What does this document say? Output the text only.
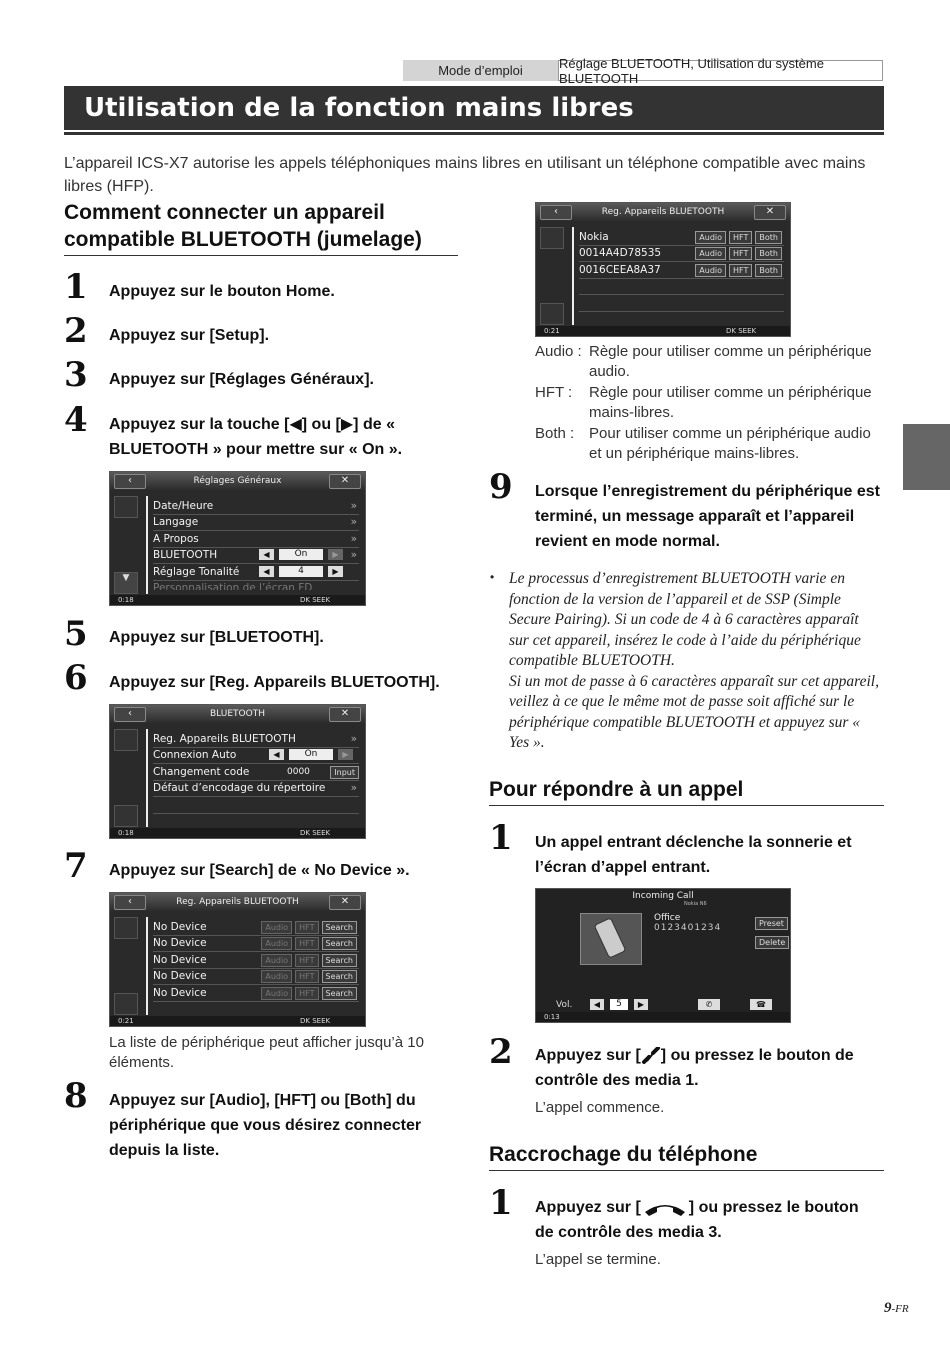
Mode d’emploi	Réglage BLUETOOTH, Utilisation du système BLUETOOTH
Utilisation de la fonction mains libres
L’appareil ICS-X7 autorise les appels téléphoniques mains libres en utilisant un téléphone compatible avec mains libres (HFP).
Comment connecter un appareil compatible BLUETOOTH (jumelage)
1 Appuyez sur le bouton Home.
2 Appuyez sur [Setup].
3 Appuyez sur [Réglages Généraux].
4 Appuyez sur la touche [◀] ou [▶] de « BLUETOOTH » pour mettre sur « On ».
‹	Réglages Généraux	✕
▼
Date/Heure	»
Langage	»
A Propos	»
BLUETOOTH	◀	On	▶	»
Réglage Tonalité	◀	4	▶
Personnalisation de l’écran FD
0:18	DK SEEK
5 Appuyez sur [BLUETOOTH].
6 Appuyez sur [Reg. Appareils BLUETOOTH].
‹	BLUETOOTH	✕
Reg. Appareils BLUETOOTH	»
Connexion Auto	◀	On	▶
Changement code	0000	Input
Défaut d’encodage du répertoire »
0:18	DK SEEK
7 Appuyez sur [Search] de « No Device ».
‹	Reg. Appareils BLUETOOTH	✕
No Device	Audio HFT Search
No Device	Audio HFT Search
No Device	Audio HFT Search
No Device	Audio HFT Search
No Device	Audio HFT Search
0:21	DK SEEK
La liste de périphérique peut afficher jusqu’à 10 éléments.
8 Appuyez sur [Audio], [HFT] ou [Both] du périphérique que vous désirez connecter depuis la liste.
‹	Reg. Appareils BLUETOOTH	✕
Nokia	Audio HFT Both
0014A4D78535	Audio HFT Both
0016CEEA8A37	Audio HFT Both
0:21	DK SEEK
Audio : Règle pour utiliser comme un périphérique audio.
HFT :	Règle pour utiliser comme un périphérique mains-libres.
Both : Pour utiliser comme un périphérique audio et un périphérique mains-libres.
9 Lorsque l’enregistrement du périphérique est terminé, un message apparaît et l’appareil revient en mode normal.
• Le processus d’enregistrement BLUETOOTH varie en fonction de la version de l’appareil et de SSP (Simple Secure Pairing). Si un code de 4 à 6 caractères apparaît sur cet appareil, insérez le code à l’aide du périphérique compatible BLUETOOTH.
Si un mot de passe à 6 caractères apparaît sur cet appareil, veillez à ce que le même mot de passe soit affiché sur le périphérique compatible BLUETOOTH et appuyez sur « Yes ».
Pour répondre à un appel
1 Un appel entrant déclenche la sonnerie et l’écran d’appel entrant.
Incoming Call
Nokia N6
Office
0123401234	Preset
Delete
Vol.	◀	5	▶	✆	☎
0:13
2 Appuyez sur [ ] ou pressez le bouton de contrôle des media 1.
L’appel commence.
Raccrochage du téléphone
1 Appuyez sur [	] ou pressez le bouton de contrôle des media 3.
L’appel se termine.
9-FR
